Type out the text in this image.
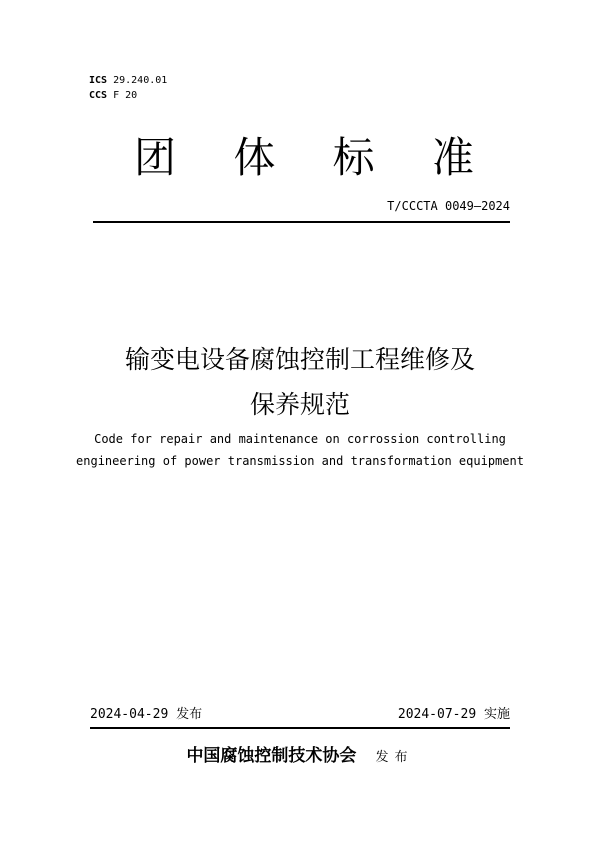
ICS 29.240.01
CCS F 20
团 体 标 准
T/CCCTA 0049—2024
输变电设备腐蚀控制工程维修及
保养规范
Code for repair and maintenance on corrossion controlling
engineering of power transmission and transformation equipment
2024-04-29 发布	2024-07-29 实施
中国腐蚀控制技术协会 发布
